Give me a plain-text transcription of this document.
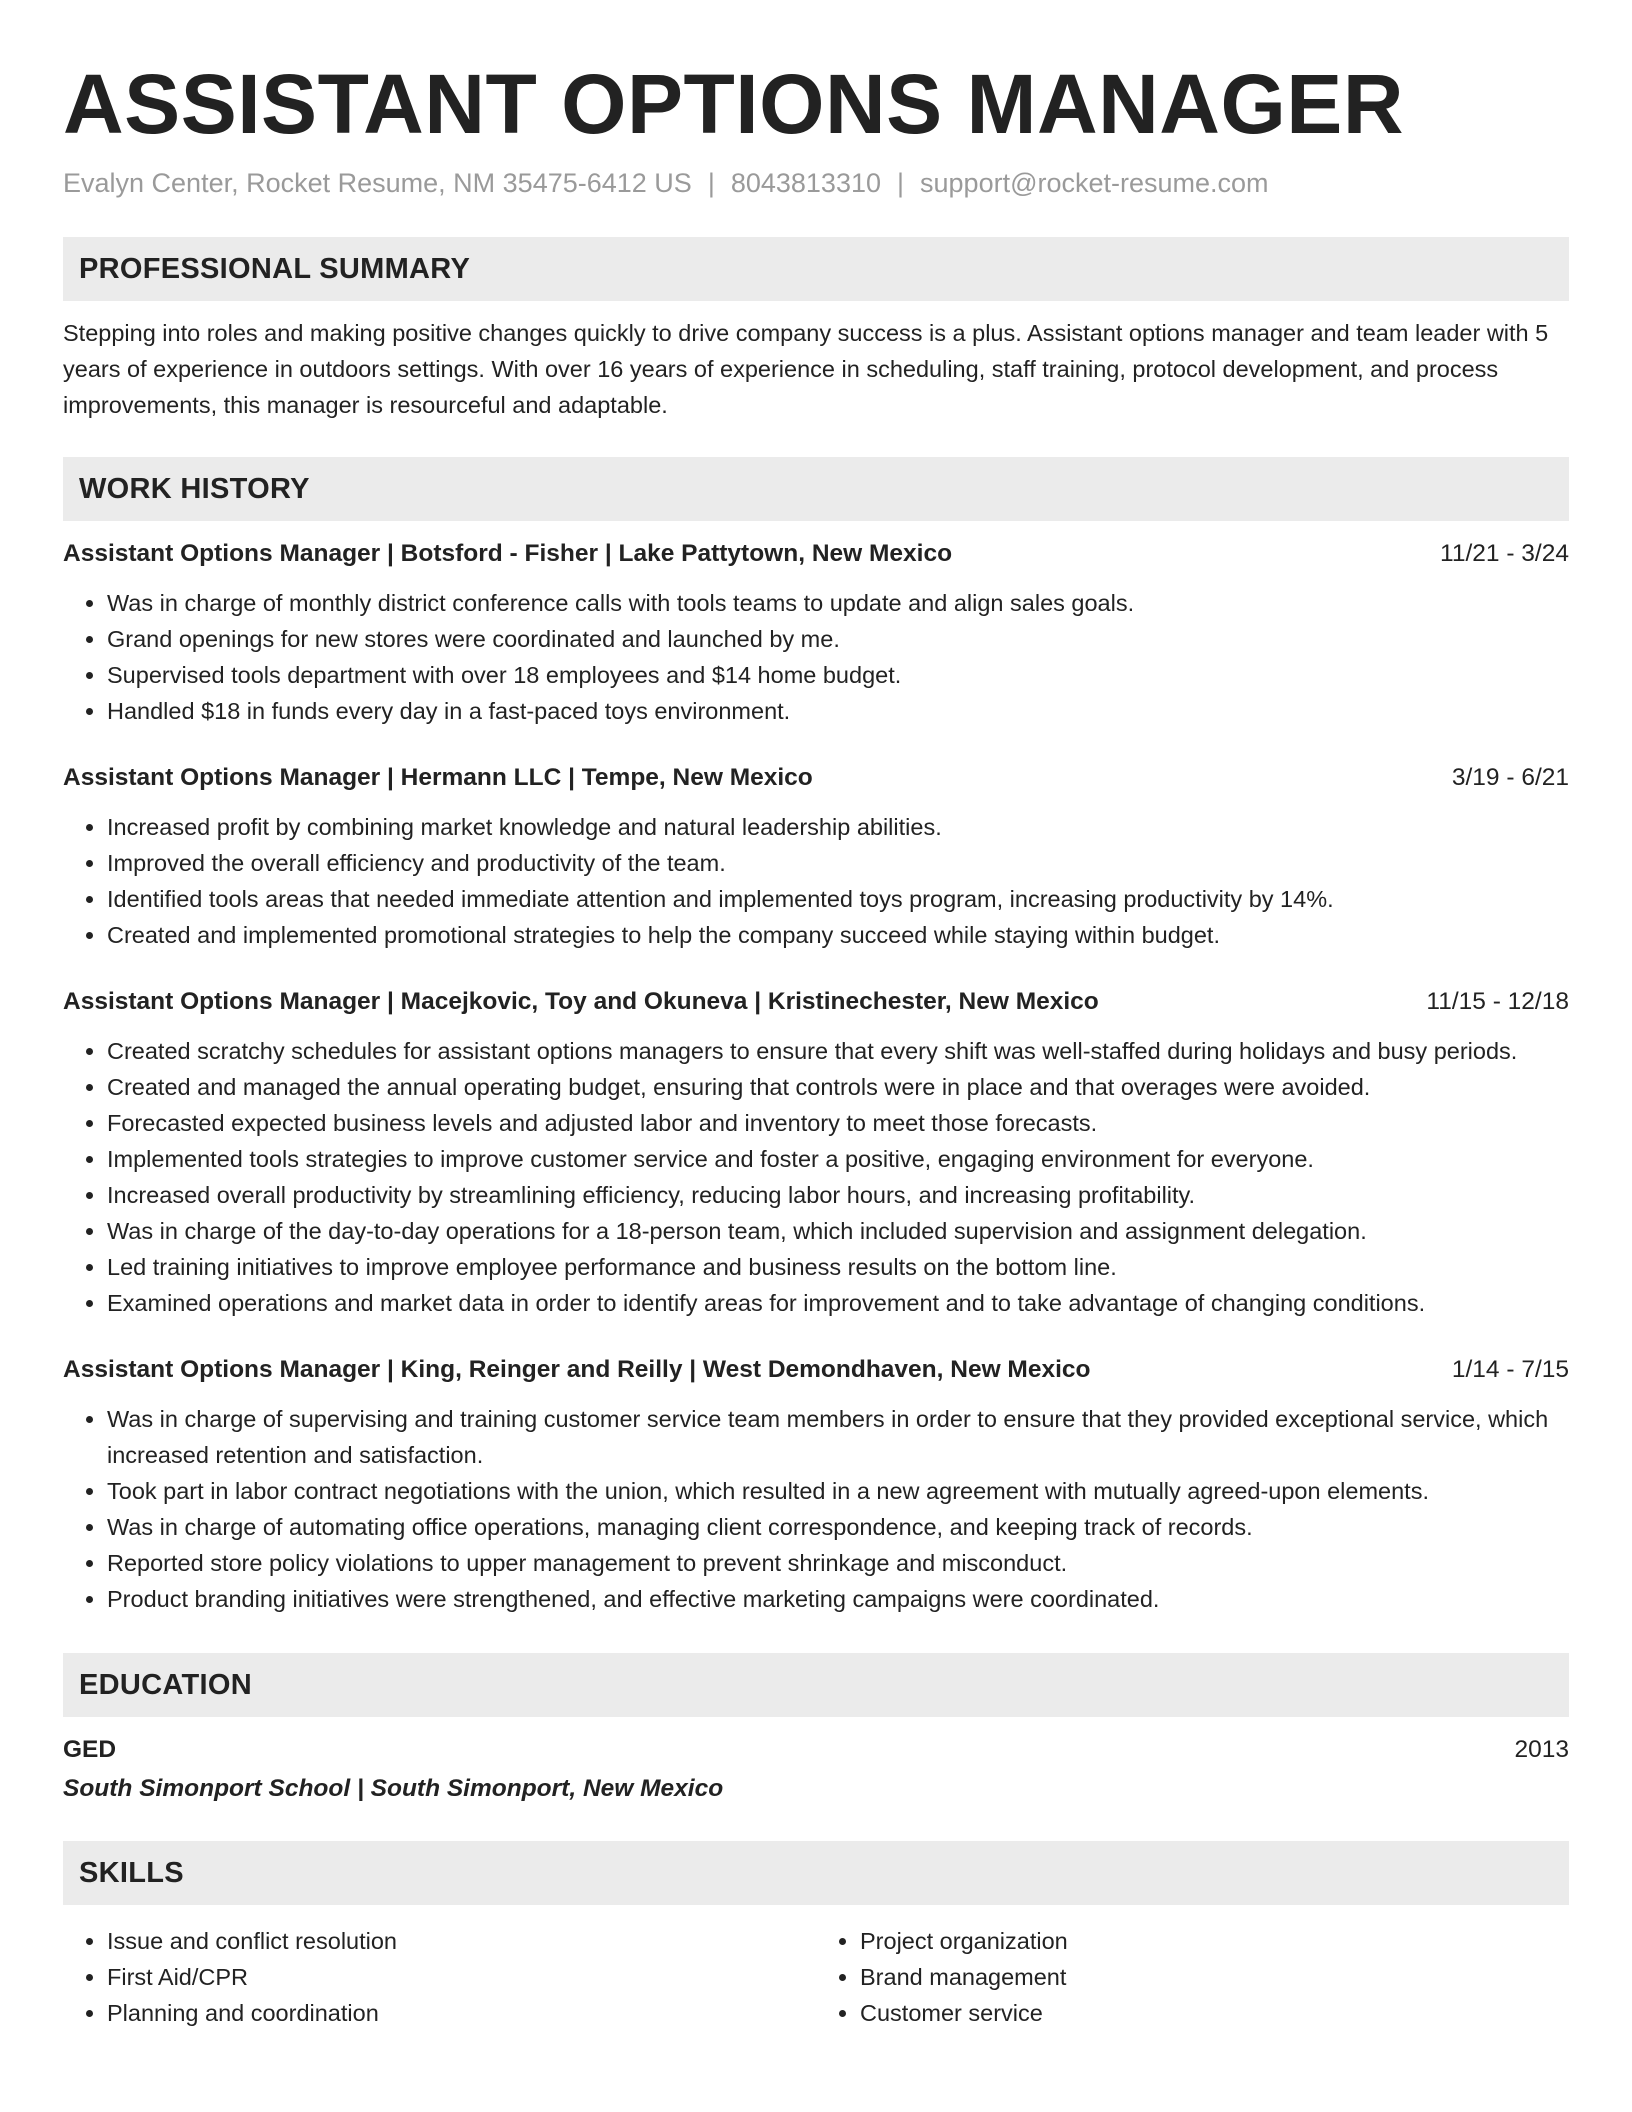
ASSISTANT OPTIONS MANAGER
Evalyn Center, Rocket Resume, NM 35475-6412 US | 8043813310 | support@rocket-resume.com
PROFESSIONAL SUMMARY
Stepping into roles and making positive changes quickly to drive company success is a plus. Assistant options manager and team leader with 5 years of experience in outdoors settings. With over 16 years of experience in scheduling, staff training, protocol development, and process improvements, this manager is resourceful and adaptable.
WORK HISTORY
Assistant Options Manager | Botsford - Fisher | Lake Pattytown, New Mexico	11/21 - 3/24
• Was in charge of monthly district conference calls with tools teams to update and align sales goals.
• Grand openings for new stores were coordinated and launched by me.
• Supervised tools department with over 18 employees and $14 home budget.
• Handled $18 in funds every day in a fast-paced toys environment.
Assistant Options Manager | Hermann LLC | Tempe, New Mexico	3/19 - 6/21
• Increased profit by combining market knowledge and natural leadership abilities.
• Improved the overall efficiency and productivity of the team.
• Identified tools areas that needed immediate attention and implemented toys program, increasing productivity by 14%.
• Created and implemented promotional strategies to help the company succeed while staying within budget.
Assistant Options Manager | Macejkovic, Toy and Okuneva | Kristinechester, New Mexico	11/15 - 12/18
• Created scratchy schedules for assistant options managers to ensure that every shift was well-staffed during holidays and busy periods.
• Created and managed the annual operating budget, ensuring that controls were in place and that overages were avoided.
• Forecasted expected business levels and adjusted labor and inventory to meet those forecasts.
• Implemented tools strategies to improve customer service and foster a positive, engaging environment for everyone.
• Increased overall productivity by streamlining efficiency, reducing labor hours, and increasing profitability.
• Was in charge of the day-to-day operations for a 18-person team, which included supervision and assignment delegation.
• Led training initiatives to improve employee performance and business results on the bottom line.
• Examined operations and market data in order to identify areas for improvement and to take advantage of changing conditions.
Assistant Options Manager | King, Reinger and Reilly | West Demondhaven, New Mexico	1/14 - 7/15
• Was in charge of supervising and training customer service team members in order to ensure that they provided exceptional service, which increased retention and satisfaction.
• Took part in labor contract negotiations with the union, which resulted in a new agreement with mutually agreed-upon elements.
• Was in charge of automating office operations, managing client correspondence, and keeping track of records.
• Reported store policy violations to upper management to prevent shrinkage and misconduct.
• Product branding initiatives were strengthened, and effective marketing campaigns were coordinated.
EDUCATION
GED	2013
South Simonport School | South Simonport, New Mexico
SKILLS
• Issue and conflict resolution
• First Aid/CPR
• Planning and coordination
• Project organization
• Brand management
• Customer service
